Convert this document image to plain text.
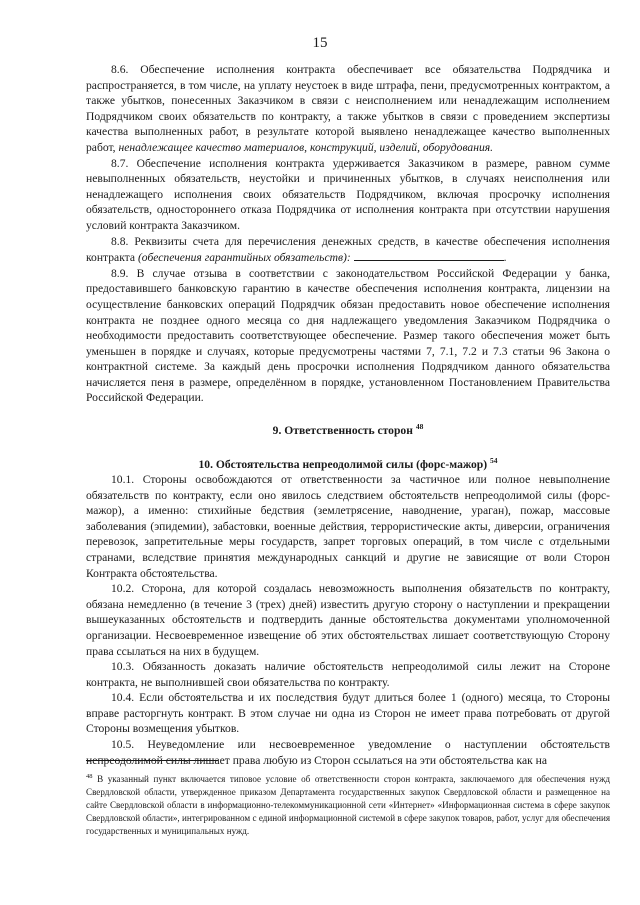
15

8.6. Обеспечение исполнения контракта обеспечивает все обязательства Подрядчика и распространяется, в том числе, на уплату неустоек в виде штрафа, пени, предусмотренных контрактом, а также убытков, понесенных Заказчиком в связи с неисполнением или ненадлежащим исполнением Подрядчиком своих обязательств по контракту, а также убытков в связи с проведением экспертизы качества выполненных работ, в результате которой выявлено ненадлежащее качество выполненных работ, ненадлежащее качество материалов, конструкций, изделий, оборудования.

8.7. Обеспечение исполнения контракта удерживается Заказчиком в размере, равном сумме невыполненных обязательств, неустойки и причиненных убытков, в случаях неисполнения или ненадлежащего исполнения своих обязательств Подрядчиком, включая просрочку исполнения обязательств, одностороннего отказа Подрядчика от исполнения контракта при отсутствии нарушения условий контракта Заказчиком.

8.8. Реквизиты счета для перечисления денежных средств, в качестве обеспечения исполнения контракта (обеспечения гарантийных обязательств):	.

8.9. В случае отзыва в соответствии с законодательством Российской Федерации у банка, предоставившего банковскую гарантию в качестве обеспечения исполнения контракта, лицензии на осуществление банковских операций Подрядчик обязан предоставить новое обеспечение исполнения контракта не позднее одного месяца со дня надлежащего уведомления Заказчиком Подрядчика о необходимости предоставить соответствующее обеспечение. Размер такого обеспечения может быть уменьшен в порядке и случаях, которые предусмотрены частями 7, 7.1, 7.2 и 7.3 статьи 96 Закона о контрактной системе. За каждый день просрочки исполнения Подрядчиком данного обязательства начисляется пеня в размере, определённом в порядке, установленном Постановлением Правительства Российской Федерации.

9. Ответственность сторон $^{48}$

10. Обстоятельства непреодолимой силы (форс-мажор) $^{54}$

10.1. Стороны освобождаются от ответственности за частичное или полное невыполнение обязательств по контракту, если оно явилось следствием обстоятельств непреодолимой силы (форс-мажор), а именно: стихийные бедствия (землетрясение, наводнение, ураган), пожар, массовые заболевания (эпидемии), забастовки, военные действия, террористические акты, диверсии, ограничения перевозок, запретительные меры государств, запрет торговых операций, в том числе с отдельными странами, вследствие принятия международных санкций и другие не зависящие от воли Сторон Контракта обстоятельства.

10.2. Сторона, для которой создалась невозможность выполнения обязательств по контракту, обязана немедленно (в течение 3 (трех) дней) известить другую сторону о наступлении и прекращении вышеуказанных обстоятельств и подтвердить данные обстоятельства документами уполномоченной организации. Несвоевременное извещение об этих обстоятельствах лишает соответствующую Сторону права ссылаться на них в будущем.

10.3. Обязанность доказать наличие обстоятельств непреодолимой силы лежит на Стороне контракта, не выполнившей свои обязательства по контракту.

10.4. Если обстоятельства и их последствия будут длиться более 1 (одного) месяца, то Стороны вправе расторгнуть контракт. В этом случае ни одна из Сторон не имеет права потребовать от другой Стороны возмещения убытков.

10.5. Неуведомление или несвоевременное уведомление о наступлении обстоятельств непреодолимой силы лишает права любую из Сторон ссылаться на эти обстоятельства как на

$^{48}$ В указанный пункт включается типовое условие об ответственности сторон контракта, заключаемого для обеспечения нужд Свердловской области, утвержденное приказом Департамента государственных закупок Свердловской области и размещенное на сайте Свердловской области в информационно-телекоммуникационной сети «Интернет» «Информационная система в сфере закупок Свердловской области», интегрированном с единой информационной системой в сфере закупок товаров, работ, услуг для обеспечения государственных и муниципальных нужд.
